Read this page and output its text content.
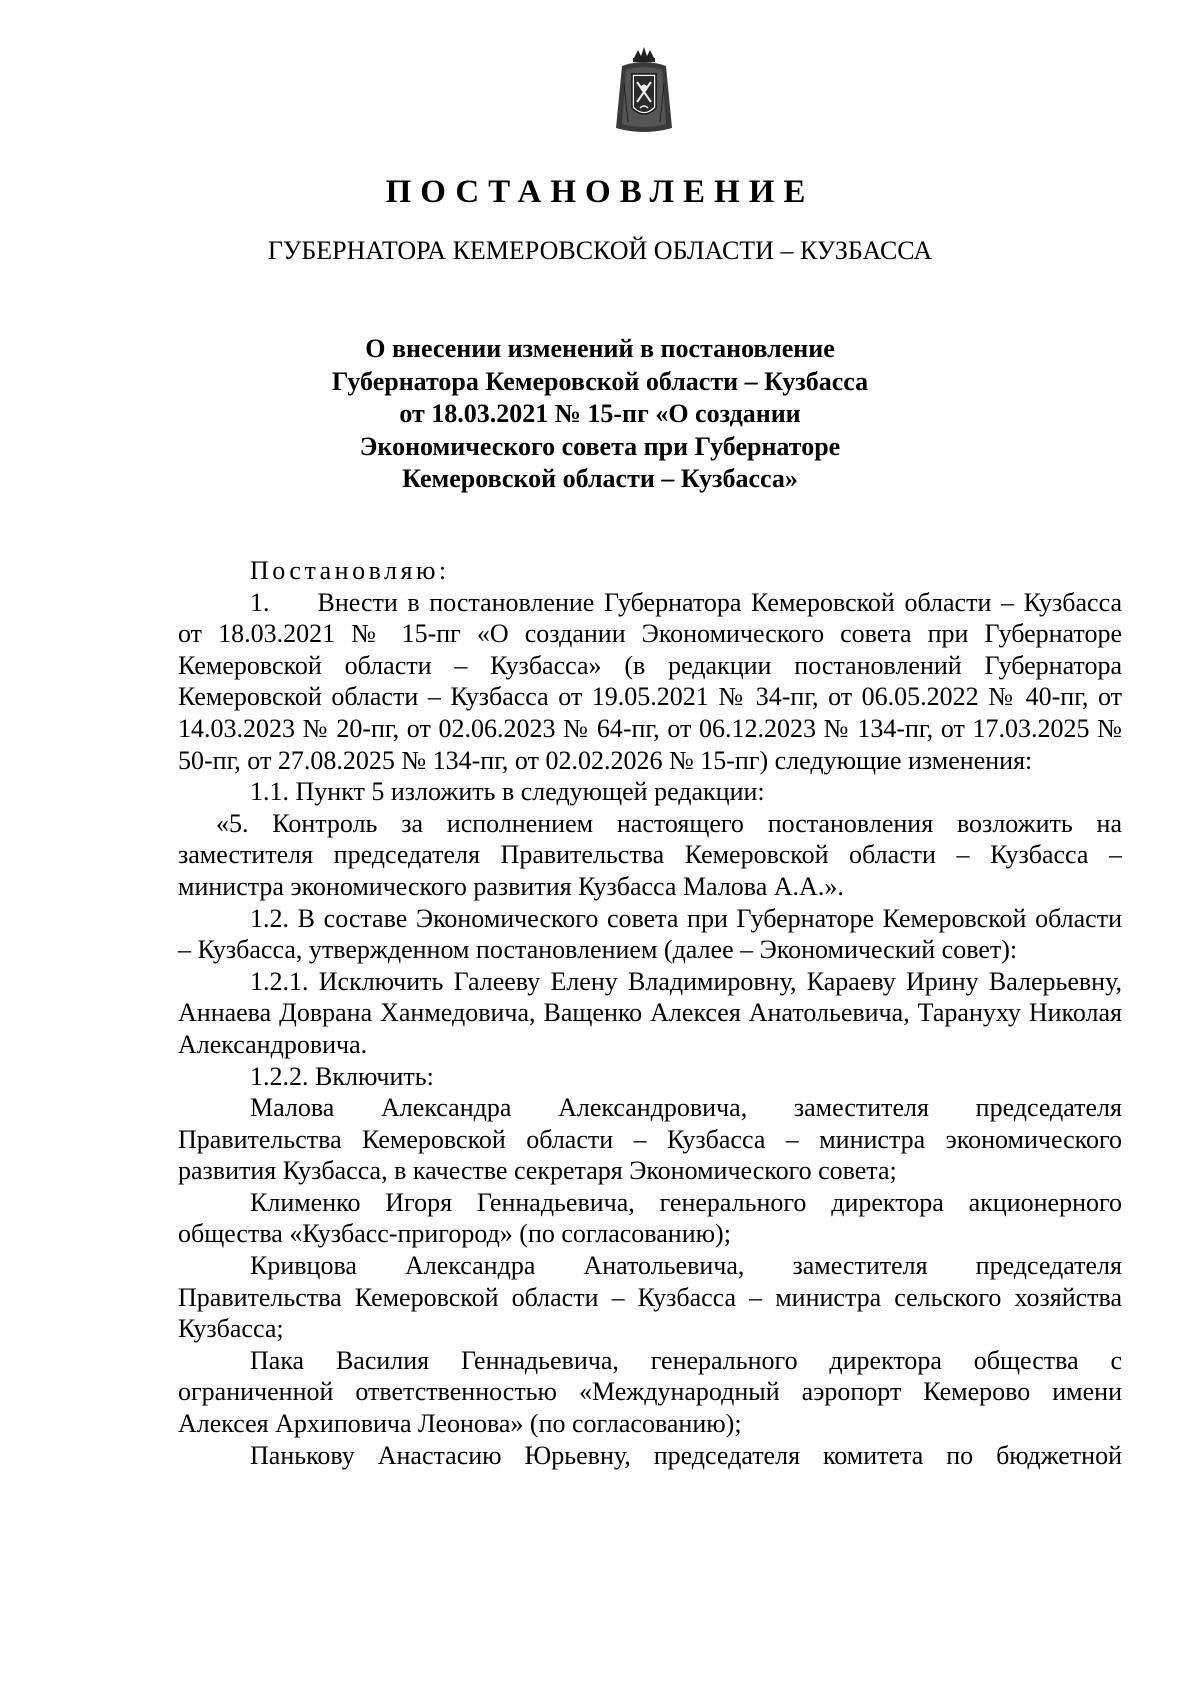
ПОСТАНОВЛЕНИЕ
ГУБЕРНАТОРА КЕМЕРОВСКОЙ ОБЛАСТИ – КУЗБАССА
О внесении изменений в постановление
Губернатора Кемеровской области – Кузбасса
от 18.03.2021 № 15-пг «О создании
Экономического совета при Губернаторе
Кемеровской области – Кузбасса»

Постановляю:

1. Внести в постановление Губернатора Кемеровской области – Кузбасса от 18.03.2021 № 15-пг «О создании Экономического совета при Губернаторе Кемеровской области – Кузбасса» (в редакции постановлений Губернатора Кемеровской области – Кузбасса от 19.05.2021 № 34-пг, от 06.05.2022 № 40-пг, от 14.03.2023 № 20-пг, от 02.06.2023 № 64-пг, от 06.12.2023 № 134-пг, от 17.03.2025 № 50-пг, от 27.08.2025 № 134-пг, от 02.02.2026 № 15-пг) следующие изменения:

1.1. Пункт 5 изложить в следующей редакции:

«5. Контроль за исполнением настоящего постановления возложить на заместителя председателя Правительства Кемеровской области – Кузбасса – министра экономического развития Кузбасса Малова А.А.».

1.2. В составе Экономического совета при Губернаторе Кемеровской области – Кузбасса, утвержденном постановлением (далее – Экономический совет):

1.2.1. Исключить Галееву Елену Владимировну, Караеву Ирину Валерьевну, Аннаева Доврана Ханмедовича, Ващенко Алексея Анатольевича, Тарануху Николая Александровича.

1.2.2. Включить:

Малова Александра Александровича, заместителя председателя Правительства Кемеровской области – Кузбасса – министра экономического развития Кузбасса, в качестве секретаря Экономического совета;

Клименко Игоря Геннадьевича, генерального директора акционерного общества «Кузбасс-пригород» (по согласованию);

Кривцова Александра Анатольевича, заместителя председателя Правительства Кемеровской области – Кузбасса – министра сельского хозяйства Кузбасса;

Пака Василия Геннадьевича, генерального директора общества с ограниченной ответственностью «Международный аэропорт Кемерово имени Алексея Архиповича Леонова» (по согласованию);

Панькову Анастасию Юрьевну, председателя комитета по бюджетной
